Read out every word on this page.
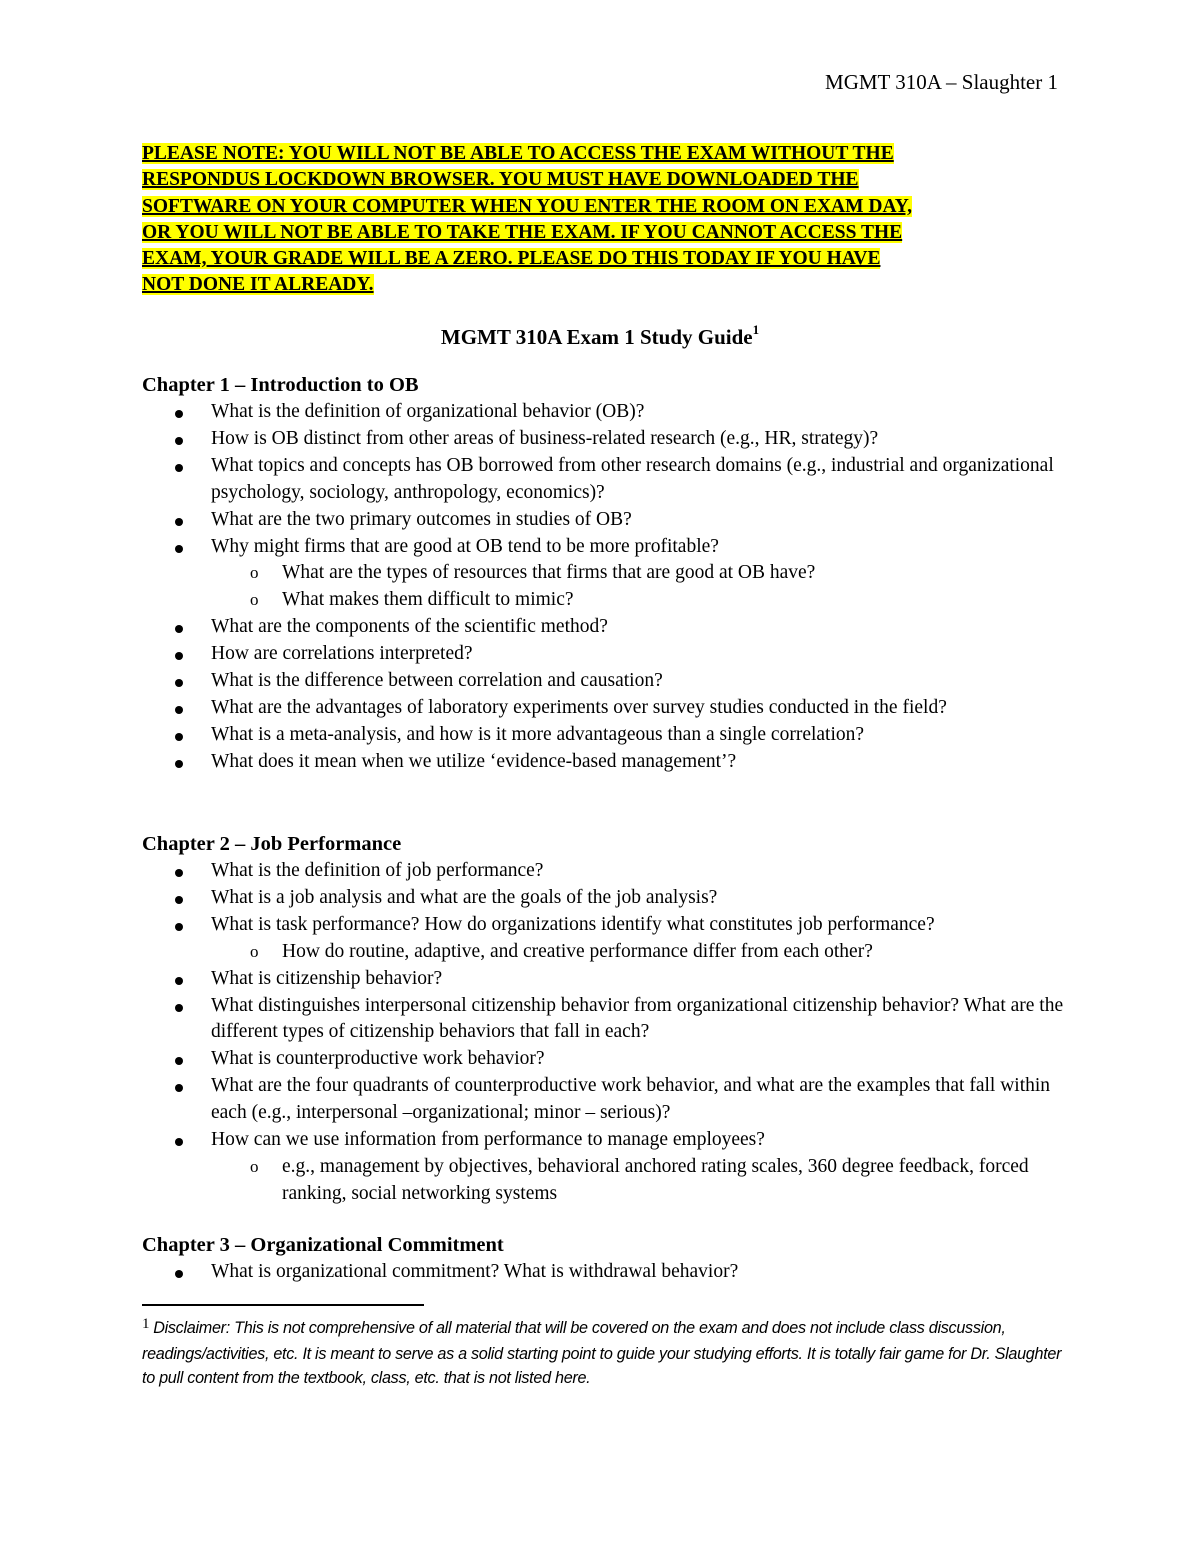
MGMT 310A – Slaughter 1
PLEASE NOTE: YOU WILL NOT BE ABLE TO ACCESS THE EXAM WITHOUT THE
RESPONDUS LOCKDOWN BROWSER. YOU MUST HAVE DOWNLOADED THE
SOFTWARE ON YOUR COMPUTER WHEN YOU ENTER THE ROOM ON EXAM DAY,
OR YOU WILL NOT BE ABLE TO TAKE THE EXAM. IF YOU CANNOT ACCESS THE
EXAM, YOUR GRADE WILL BE A ZERO. PLEASE DO THIS TODAY IF YOU HAVE
NOT DONE IT ALREADY.
MGMT 310A Exam 1 Study Guide$^1$
Chapter 1 – Introduction to OB
What is the definition of organizational behavior (OB)?
How is OB distinct from other areas of business-related research (e.g., HR, strategy)?
What topics and concepts has OB borrowed from other research domains (e.g., industrial and organizational psychology, sociology, anthropology, economics)?
What are the two primary outcomes in studies of OB?
Why might firms that are good at OB tend to be more profitable?
o What are the types of resources that firms that are good at OB have?
o What makes them difficult to mimic?
What are the components of the scientific method?
How are correlations interpreted?
What is the difference between correlation and causation?
What are the advantages of laboratory experiments over survey studies conducted in the field?
What is a meta-analysis, and how is it more advantageous than a single correlation?
What does it mean when we utilize ‘evidence-based management’?
Chapter 2 – Job Performance
What is the definition of job performance?
What is a job analysis and what are the goals of the job analysis?
What is task performance? How do organizations identify what constitutes job performance?
o How do routine, adaptive, and creative performance differ from each other?
What is citizenship behavior?
What distinguishes interpersonal citizenship behavior from organizational citizenship behavior? What are the different types of citizenship behaviors that fall in each?
What is counterproductive work behavior?
What are the four quadrants of counterproductive work behavior, and what are the examples that fall within each (e.g., interpersonal –organizational; minor – serious)?
How can we use information from performance to manage employees?
o e.g., management by objectives, behavioral anchored rating scales, 360 degree feedback, forced ranking, social networking systems
Chapter 3 – Organizational Commitment
What is organizational commitment? What is withdrawal behavior?
1 Disclaimer: This is not comprehensive of all material that will be covered on the exam and does not include class discussion, readings/activities, etc. It is meant to serve as a solid starting point to guide your studying efforts. It is totally fair game for Dr. Slaughter to pull content from the textbook, class, etc. that is not listed here.
